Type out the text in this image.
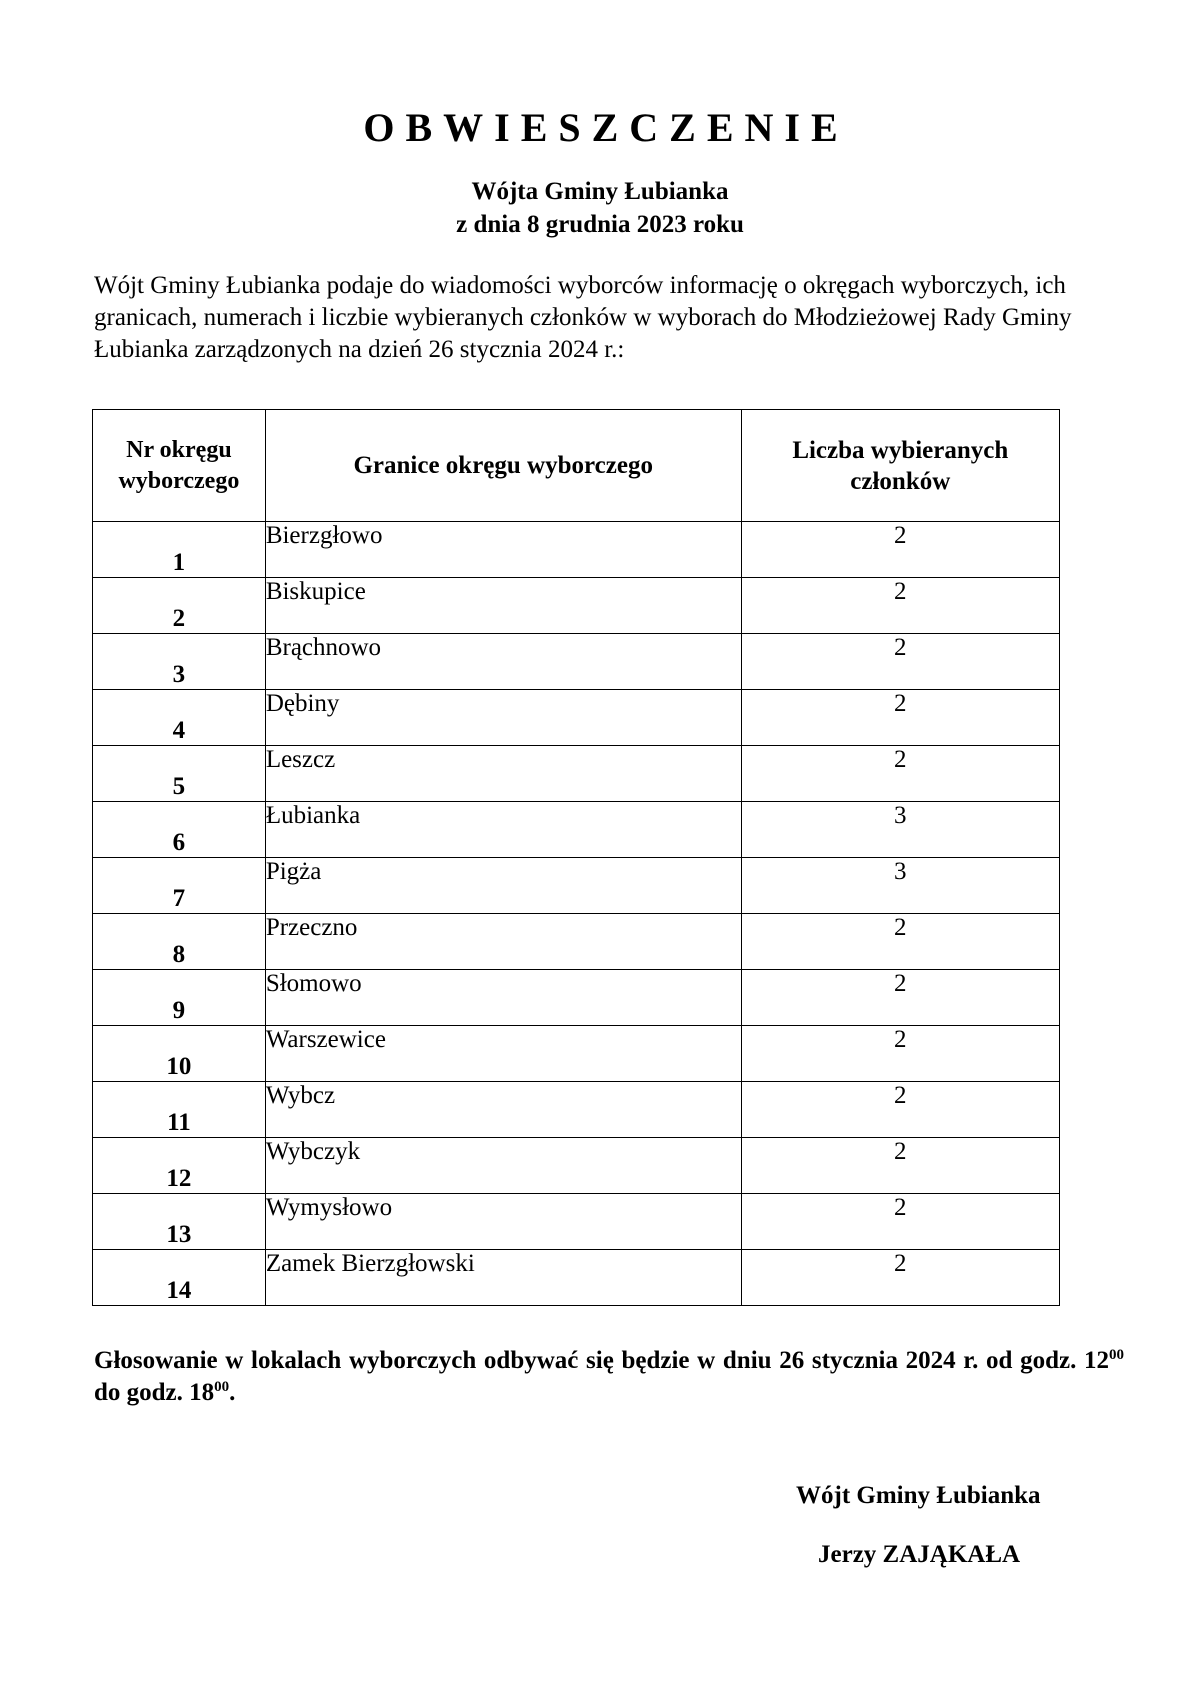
OBWIESZCZENIE
Wójta Gminy Łubianka
z dnia 8 grudnia 2023 roku

Wójt Gminy Łubianka podaje do wiadomości wyborców informację o okręgach wyborczych, ich granicach, numerach i liczbie wybieranych członków w wyborach do Młodzieżowej Rady Gminy Łubianka zarządzonych na dzień 26 stycznia 2024 r.:

Nr okręgu wyborczego	Granice okręgu wyborczego	Liczba wybieranych członków
1	Bierzgłowo	2
2	Biskupice	2
3	Brąchnowo	2
4	Dębiny	2
5	Leszcz	2
6	Łubianka	3
7	Pigża	3
8	Przeczno	2
9	Słomowo	2
10	Warszewice	2
11	Wybcz	2
12	Wybczyk	2
13	Wymysłowo	2
14	Zamek Bierzgłowski	2

Głosowanie w lokalach wyborczych odbywać się będzie w dniu 26 stycznia 2024 r. od godz. $12^{00}$ do godz. $18^{00}$.

Wójt Gminy Łubianka
Jerzy ZAJĄKAŁA
